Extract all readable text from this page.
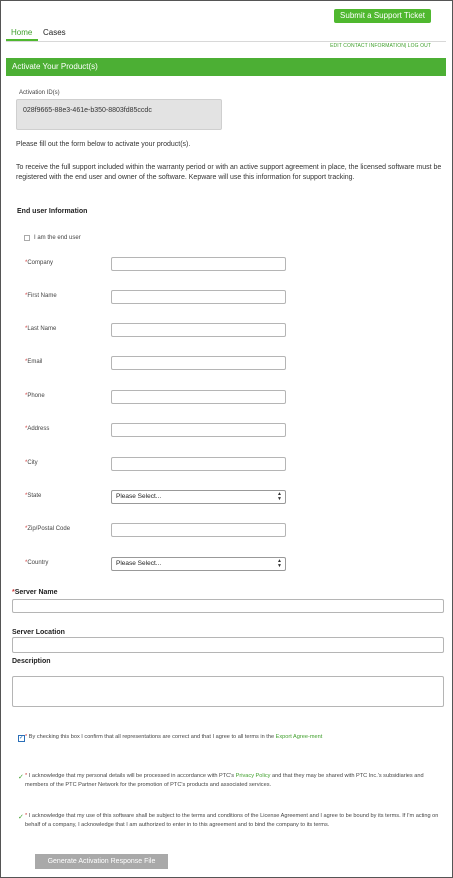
Submit a Support Ticket
Home Cases
EDIT CONTACT INFORMATION| LOG OUT
Activate Your Product(s)
Activation ID(s)
028f9665-88e3-461e-b350-8803fd85ccdc
Please fill out the form below to activate your product(s).
To receive the full support included within the warranty period or with an active support agreement in place, the licensed software must be registered with the end user and owner of the software. Kepware will use this information for support tracking.
End user Information
I am the end user
*Company
*First Name
*Last Name
*Email
*Phone
*Address
*City
*State	Please Select...	▲
▼
*Zip/Postal Code
*Country	Please Select...	▲
▼
*Server Name
Server Location
Description
✓ * By checking this box I confirm that all representations are correct and that I agree to all terms in the Export Agree-ment
✓ * I acknowledge that my personal details will be processed in accordance with PTC's Privacy Policy and that they may be shared with PTC Inc.'s subsidiaries and members of the PTC Partner Network for the promotion of PTC's products and associated services.
✓ * I acknowledge that my use of this software shall be subject to the terms and conditions of the License Agreement and I agree to be bound by its terms. If I'm acting on behalf of a company, I acknowledge that I am authorized to enter in to this agreement and to bind the company to its terms.
Generate Activation Response File
